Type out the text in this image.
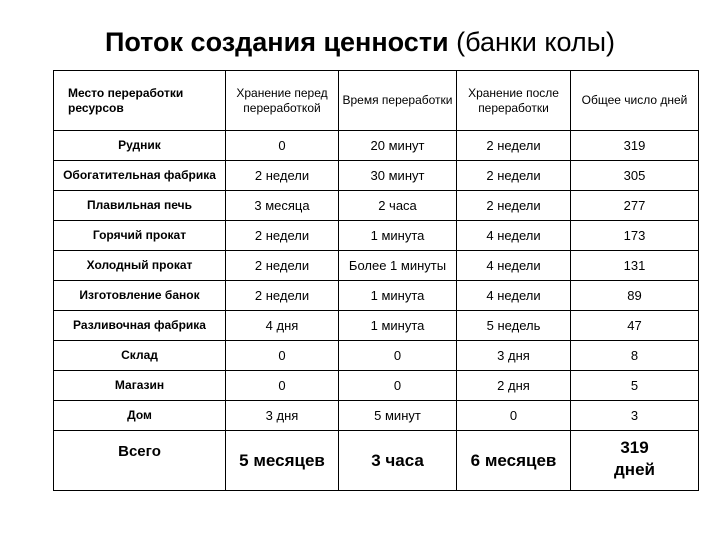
Поток создания ценности (банки колы)
Место переработки ресурсов	Хранение перед переработкой	Время переработки	Хранение после переработки	Общее число дней
Рудник	0	20 минут	2 недели	319
Обогатительная фабрика	2 недели	30 минут	2 недели	305
Плавильная печь	3 месяца	2 часа	2 недели	277
Горячий прокат	2 недели	1 минута	4 недели	173
Холодный прокат	2 недели	Более 1 минуты	4 недели	131
Изготовление банок	2 недели	1 минута	4 недели	89
Разливочная фабрика	4 дня	1 минута	5 недель	47
Склад	0	0	3 дня	8
Магазин	0	0	2 дня	5
Дом	3 дня	5 минут	0	3
Всего	5 месяцев	3 часа	6 месяцев	319
дней
